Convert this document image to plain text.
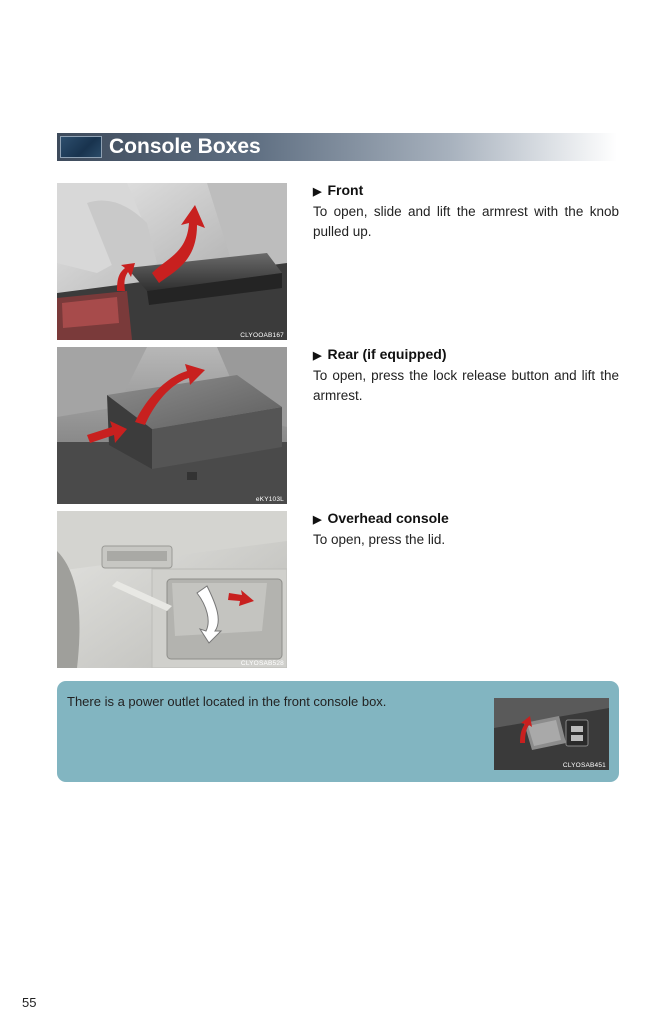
Console Boxes
CLYOOAB167
eKY103L
CLYOSAB528
▶ Front
To open, slide and lift the armrest with the knob pulled up.
▶ Rear (if equipped)
To open, press the lock release button and lift the armrest.
▶ Overhead console
To open, press the lid.
There is a power outlet located in the front console box.
CLYOSAB451
55
